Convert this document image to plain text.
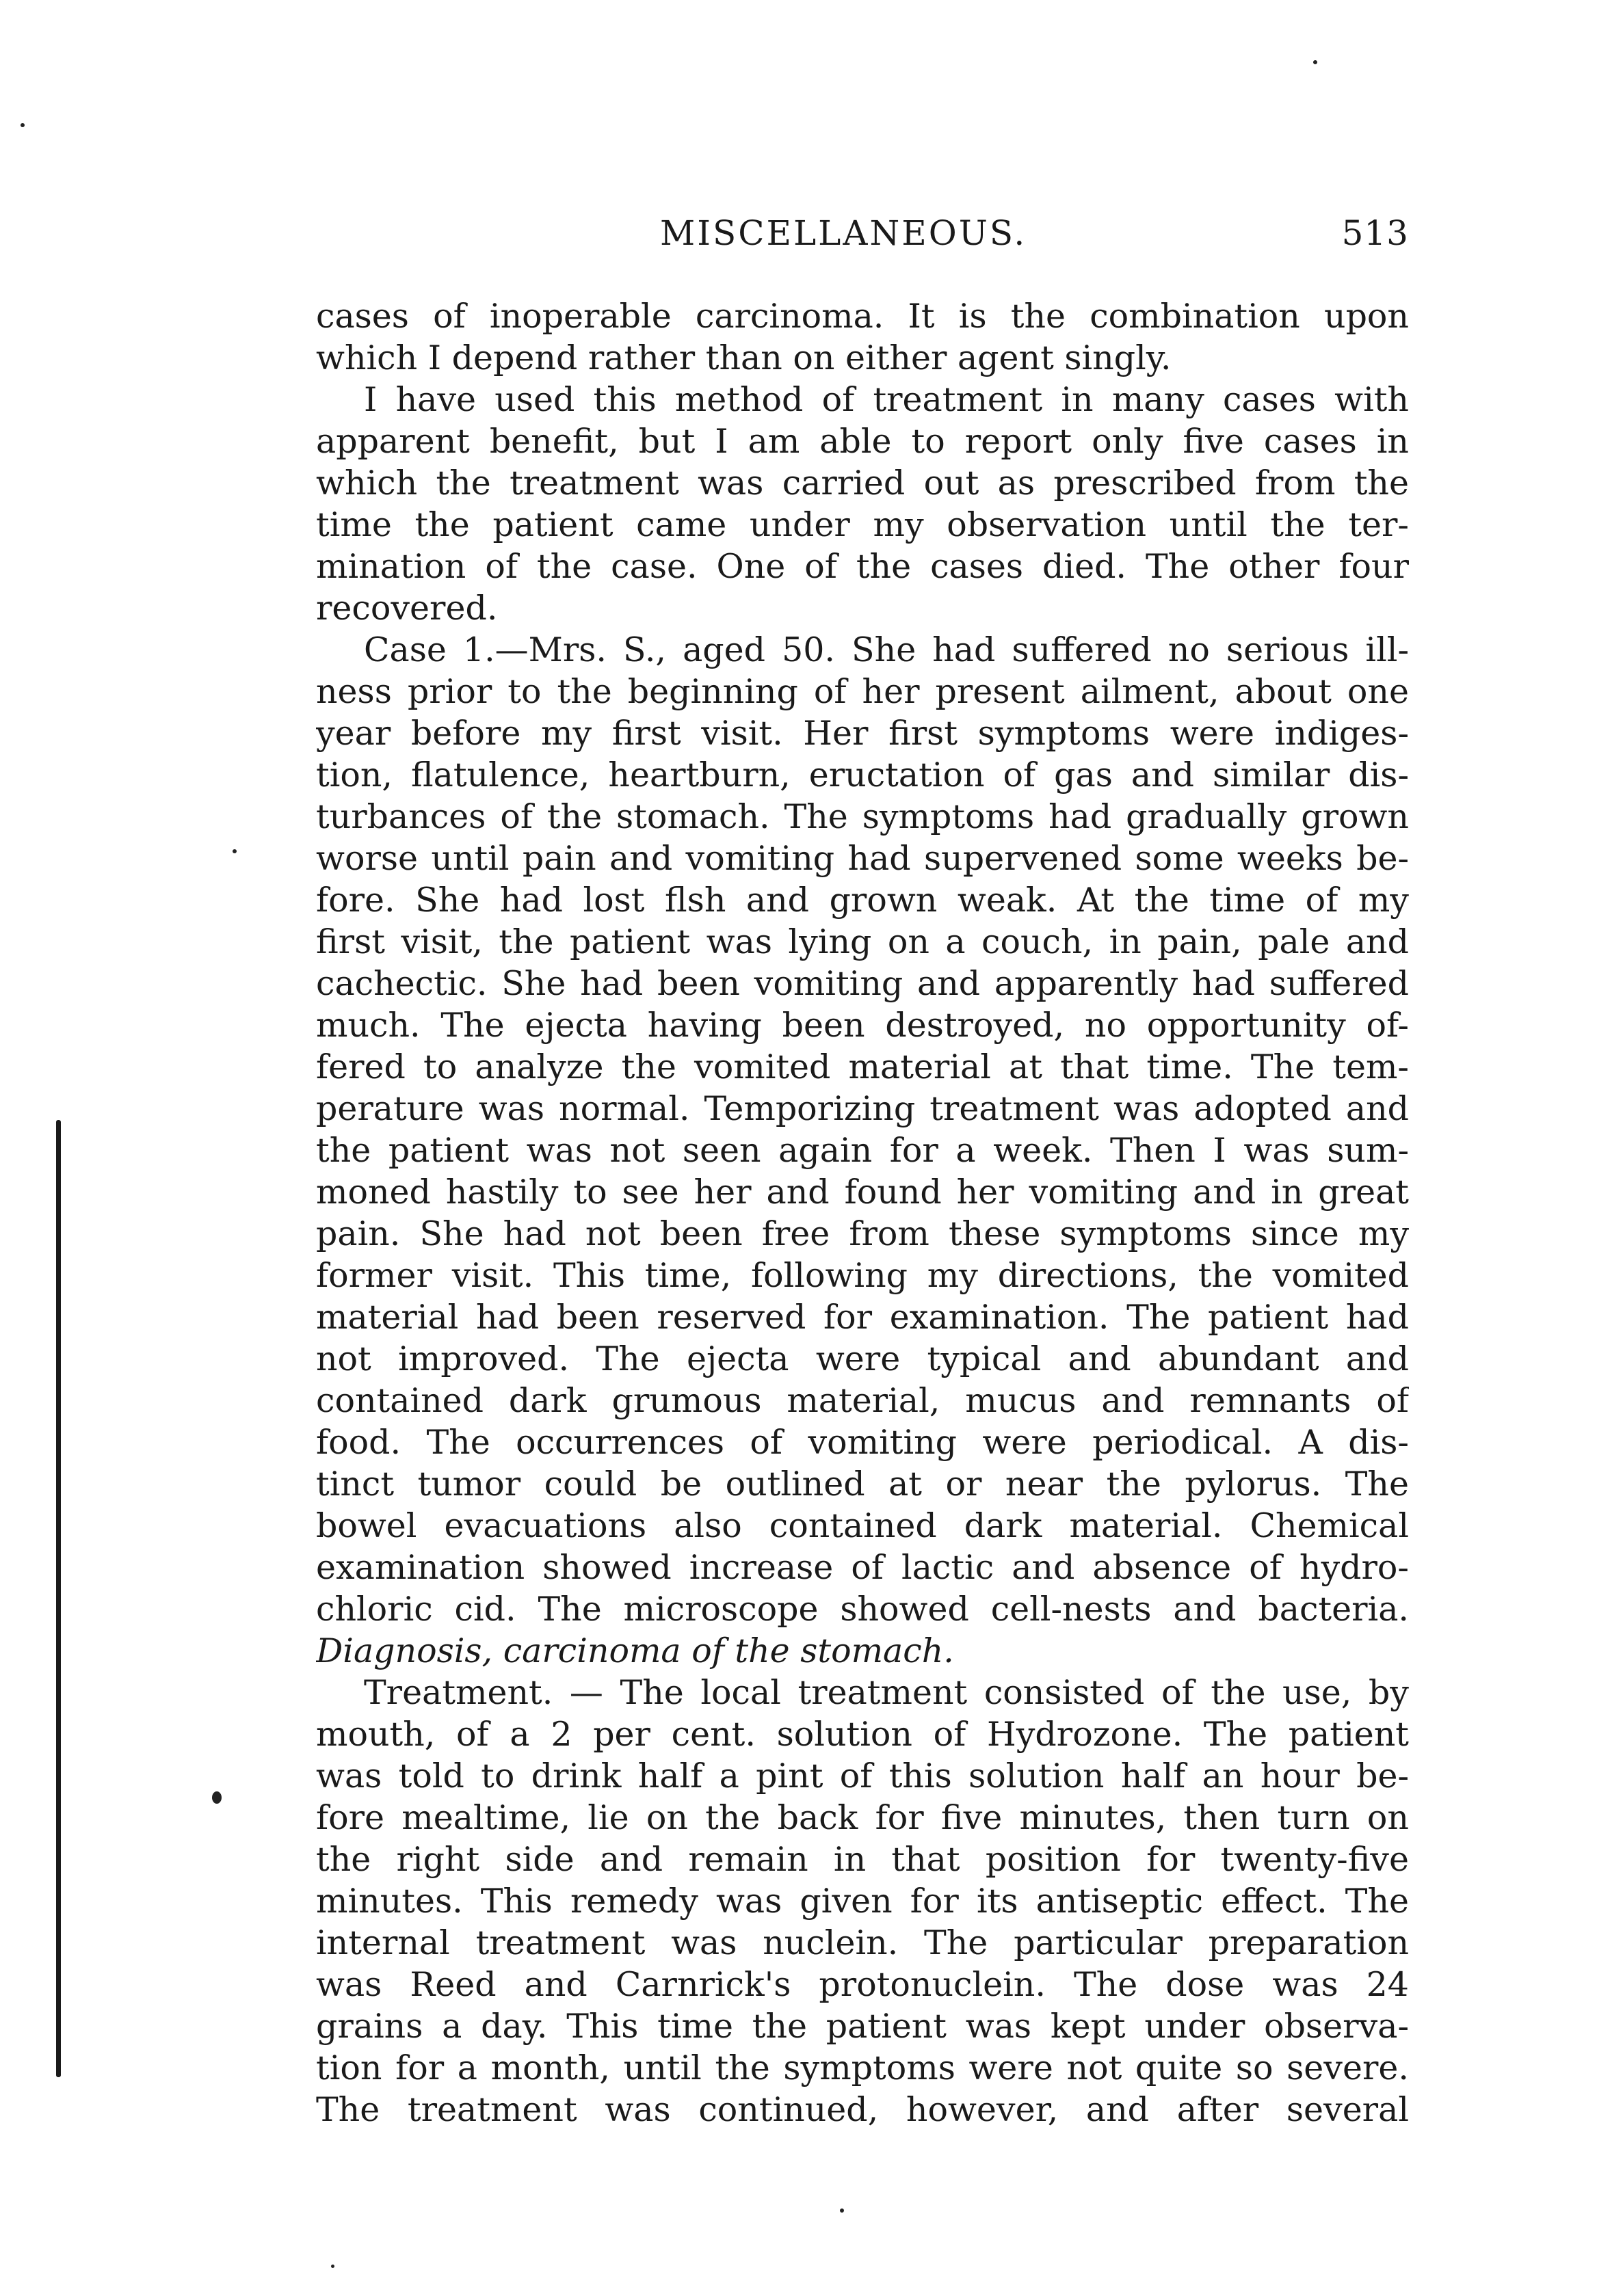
MISCELLANEOUS.	513
cases of inoperable carcinoma. It is the combination upon
which I depend rather than on either agent singly.
I have used this method of treatment in many cases with
apparent benefit, but I am able to report only five cases in
which the treatment was carried out as prescribed from the
time the patient came under my observation until the ter-
mination of the case. One of the cases died. The other four
recovered.
Case 1.—Mrs. S., aged 50. She had suffered no serious ill-
ness prior to the beginning of her present ailment, about one
year before my first visit. Her first symptoms were indiges-
tion, flatulence, heartburn, eructation of gas and similar dis-
turbances of the stomach. The symptoms had gradually grown
worse until pain and vomiting had supervened some weeks be-
fore. She had lost flsh and grown weak. At the time of my
first visit, the patient was lying on a couch, in pain, pale and
cachectic. She had been vomiting and apparently had suffered
much. The ejecta having been destroyed, no opportunity of-
fered to analyze the vomited material at that time. The tem-
perature was normal. Temporizing treatment was adopted and
the patient was not seen again for a week. Then I was sum-
moned hastily to see her and found her vomiting and in great
pain. She had not been free from these symptoms since my
former visit. This time, following my directions, the vomited
material had been reserved for examination. The patient had
not improved. The ejecta were typical and abundant and
contained dark grumous material, mucus and remnants of
food. The occurrences of vomiting were periodical. A dis-
tinct tumor could be outlined at or near the pylorus. The
bowel evacuations also contained dark material. Chemical
examination showed increase of lactic and absence of hydro-
chloric cid. The microscope showed cell-nests and bacteria.
Diagnosis, carcinoma of the stomach.
Treatment. — The local treatment consisted of the use, by
mouth, of a 2 per cent. solution of Hydrozone. The patient
was told to drink half a pint of this solution half an hour be-
fore mealtime, lie on the back for five minutes, then turn on
the right side and remain in that position for twenty-five
minutes. This remedy was given for its antiseptic effect. The
internal treatment was nuclein. The particular preparation
was Reed and Carnrick's protonuclein. The dose was 24
grains a day. This time the patient was kept under observa-
tion for a month, until the symptoms were not quite so severe.
The treatment was continued, however, and after several
